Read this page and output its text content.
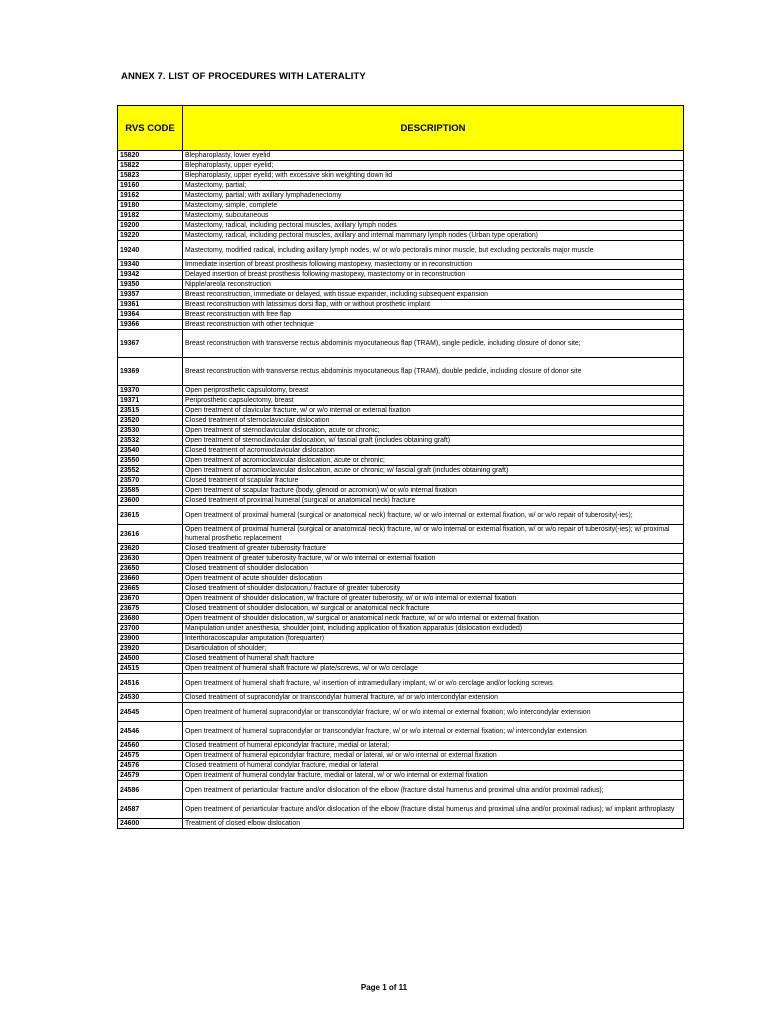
ANNEX 7. LIST OF PROCEDURES WITH LATERALITY
RVS CODE	DESCRIPTION
15820	Blepharoplasty, lower eyelid
15822	Blepharoplasty, upper eyelid;
15823	Blepharoplasty, upper eyelid; with excessive skin weighting down lid
19160	Mastectomy, partial;
19162	Mastectomy, partial; with axillary lymphadenectomy
19180	Mastectomy, simple, complete
19182	Mastectomy, subcutaneous
19200	Mastectomy, radical, including pectoral muscles, axillary lymph nodes
19220	Mastectomy, radical, including pectoral muscles, axillary and internal mammary lymph nodes (Urban type operation)
19240	Mastectomy, modified radical, including axillary lymph nodes, w/ or w/o pectoralis minor muscle, but excluding pectoralis major muscle
19340	Immediate insertion of breast prosthesis following mastopexy, mastectomy or in reconstruction
19342	Delayed insertion of breast prosthesis following mastopexy, mastectomy or in reconstruction
19350	Nipple/areola reconstruction
19357	Breast reconstruction, immediate or delayed, with tissue expander, including subsequent expansion
19361	Breast reconstruction with latissimus dorsi flap, with or without prosthetic implant
19364	Breast reconstruction with free flap
19366	Breast reconstruction with other technique
19367	Breast reconstruction with transverse rectus abdominis myocutaneous flap (TRAM), single pedicle, including closure of donor site;
19369	Breast reconstruction with transverse rectus abdominis myocutaneous flap (TRAM), double pedicle, including closure of donor site
19370	Open periprosthetic capsulotomy, breast
19371	Periprosthetic capsulectomy, breast
23515	Open treatment of clavicular fracture, w/ or w/o internal or external fixation
23520	Closed treatment of sternoclavicular dislocation
23530	Open treatment of sternoclavicular dislocation, acute or chronic;
23532	Open treatment of sternoclavicular dislocation, w/ fascial graft (includes obtaining graft)
23540	Closed treatment of acromioclavicular dislocation
23550	Open treatment of acromioclavicular dislocation, acute or chronic;
23552	Open treatment of acromioclavicular dislocation, acute or chronic; w/ fascial graft (includes obtaining graft)
23570	Closed treatment of scapular fracture
23585	Open treatment of scapular fracture (body, glenoid or acromion) w/ or w/o internal fixation
23600	Closed treatment of proximal humeral (surgical or anatomical neck) fracture
23615	Open treatment of proximal humeral (surgical or anatomical neck) fracture, w/ or w/o internal or external fixation, w/ or w/o repair of tuberosity(-ies);
23616	Open treatment of proximal humeral (surgical or anatomical neck) fracture, w/ or w/o internal or external fixation, w/ or w/o repair of tuberosity(-ies); w/ proximal humeral prosthetic replacement
23620	Closed treatment of greater tuberosity fracture
23630	Open treatment of greater tuberosity fracture, w/ or w/o internal or external fixation
23650	Closed treatment of shoulder dislocation
23660	Open treatment of acute shoulder dislocation
23665	Closed treatment of shoulder dislocation,/ fracture of greater tuberosity
23670	Open treatment of shoulder dislocation, w/ fracture of greater tuberosity, w/ or w/o internal or external fixation
23675	Closed treatment of shoulder dislocation, w/ surgical or anatomical neck fracture
23680	Open treatment of shoulder dislocation, w/ surgical or anatomical neck fracture, w/ or w/o internal or external fixation
23700	Manipulation under anesthesia, shoulder joint, including application of fixation apparatus (dislocation excluded)
23900	Interthoracoscapular amputation (forequarter)
23920	Disarticulation of shoulder;
24500	Closed treatment of humeral shaft fracture
24515	Open treatment of humeral shaft fracture w/ plate/screws, w/ or w/o cerclage
24516	Open treatment of humeral shaft fracture, w/ insertion of intramedullary implant, w/ or w/o cerclage and/or locking screws
24530	Closed treatment of supracondylar or transcondylar humeral fracture, w/ or w/o intercondylar extension
24545	Open treatment of humeral supracondylar or transcondylar fracture, w/ or w/o internal or external fixation; w/o intercondylar extension
24546	Open treatment of humeral supracondylar or transcondylar fracture, w/ or w/o internal or external fixation; w/ intercondylar extension
24560	Closed treatment of humeral epicondylar fracture, medial or lateral;
24575	Open treatment of humeral epicondylar fracture, medial or lateral, w/ or w/o internal or external fixation
24576	Closed treatment of humeral condylar fracture, medial or lateral
24579	Open treatment of humeral condylar fracture, medial or lateral, w/ or w/o internal or external fixation
24586	Open treatment of periarticular fracture and/or dislocation of the elbow (fracture distal humerus and proximal ulna and/or proximal radius);
24587	Open treatment of periarticular fracture and/or dislocation of the elbow (fracture distal humerus and proximal ulna and/or proximal radius); w/ implant arthroplasty
24600	Treatment of closed elbow dislocation
Page 1 of 11
